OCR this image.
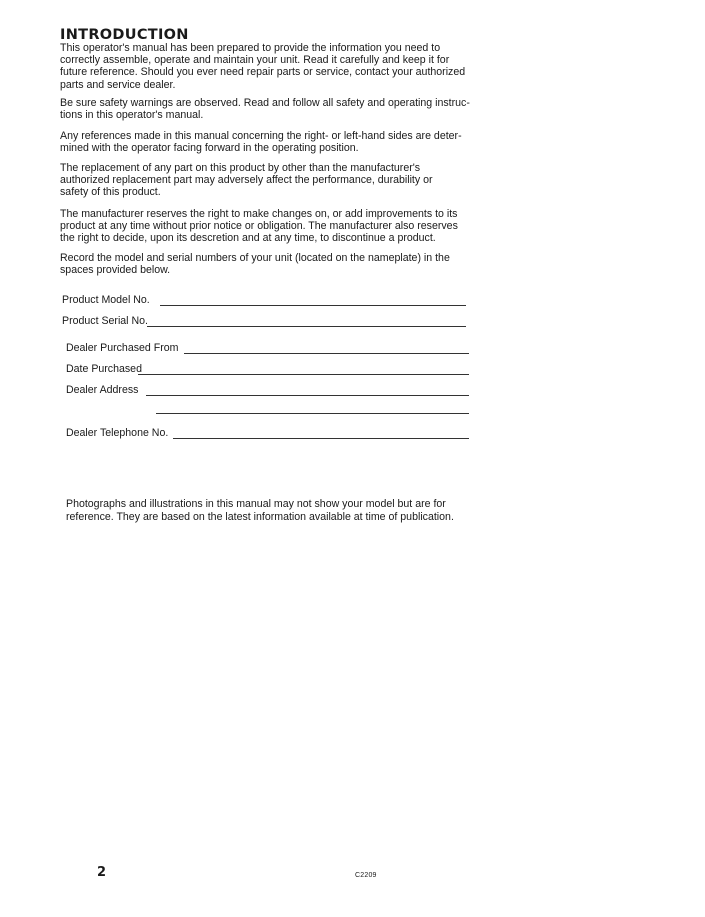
INTRODUCTION

This operator's manual has been prepared to provide the information you need to
correctly assemble, operate and maintain your unit. Read it carefully and keep it for
future reference. Should you ever need repair parts or service, contact your authorized
parts and service dealer.

Be sure safety warnings are observed. Read and follow all safety and operating instruc-
tions in this operator's manual.

Any references made in this manual concerning the right- or left-hand sides are deter-
mined with the operator facing forward in the operating position.

The replacement of any part on this product by other than the manufacturer's
authorized replacement part may adversely affect the performance, durability or
safety of this product.

The manufacturer reserves the right to make changes on, or add improvements to its
product at any time without prior notice or obligation. The manufacturer also reserves
the right to decide, upon its descretion and at any time, to discontinue a product.

Record the model and serial numbers of your unit (located on the nameplate) in the
spaces provided below.

Product Model No.
Product Serial No.
Dealer Purchased From
Date Purchased
Dealer Address
Dealer Telephone No.

Photographs and illustrations in this manual may not show your model but are for
reference. They are based on the latest information available at time of publication.

2	C2209
